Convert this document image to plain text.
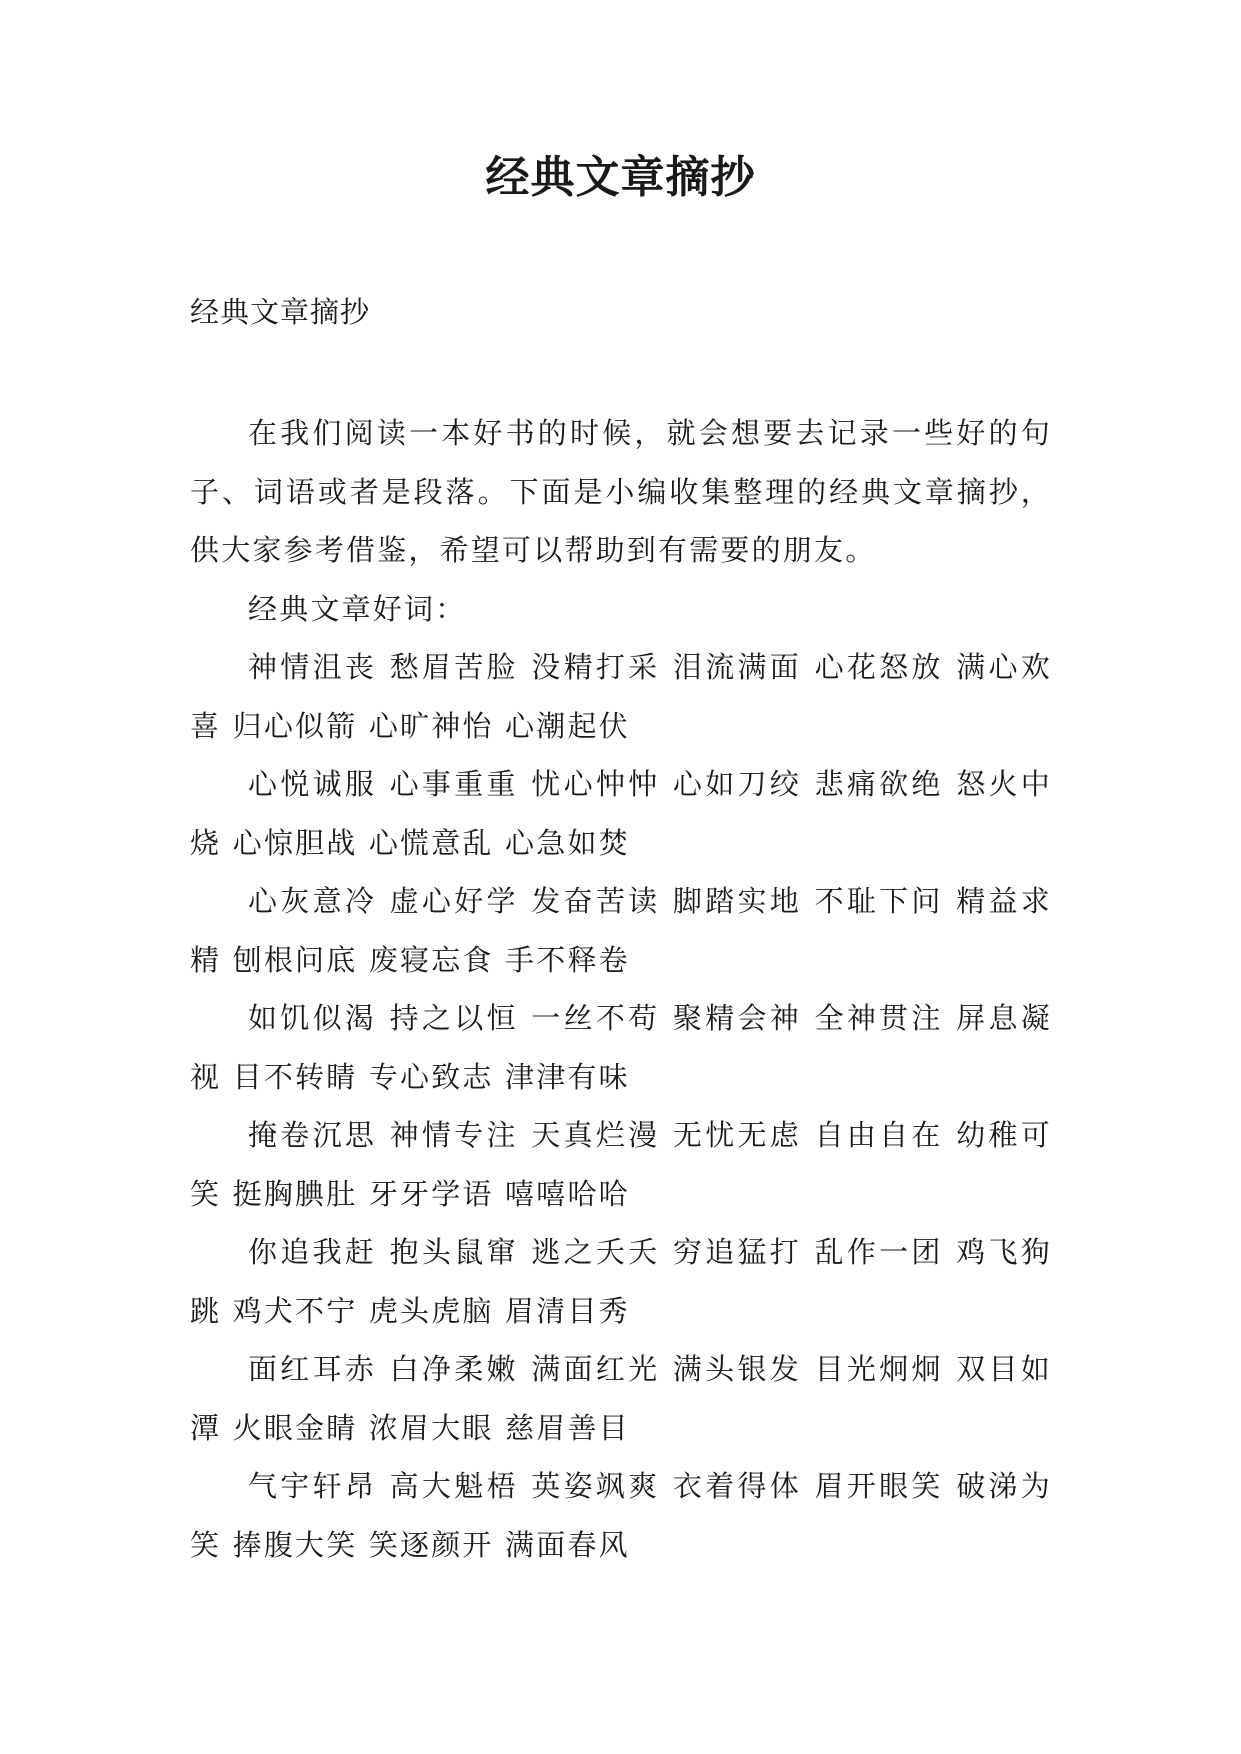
经典文章摘抄

经典文章摘抄

在我们阅读一本好书的时候，就会想要去记录一些好的句子、词语或者是段落。下面是小编收集整理的经典文章摘抄，供大家参考借鉴，希望可以帮助到有需要的朋友。

经典文章好词：

神情沮丧 愁眉苦脸 没精打采 泪流满面 心花怒放 满心欢喜 归心似箭 心旷神怡 心潮起伏

心悦诚服 心事重重 忧心忡忡 心如刀绞 悲痛欲绝 怒火中烧 心惊胆战 心慌意乱 心急如焚

心灰意冷 虚心好学 发奋苦读 脚踏实地 不耻下问 精益求精 刨根问底 废寝忘食 手不释卷

如饥似渴 持之以恒 一丝不苟 聚精会神 全神贯注 屏息凝视 目不转睛 专心致志 津津有味

掩卷沉思 神情专注 天真烂漫 无忧无虑 自由自在 幼稚可笑 挺胸腆肚 牙牙学语 嘻嘻哈哈

你追我赶 抱头鼠窜 逃之夭夭 穷追猛打 乱作一团 鸡飞狗跳 鸡犬不宁 虎头虎脑 眉清目秀

面红耳赤 白净柔嫩 满面红光 满头银发 目光炯炯 双目如潭 火眼金睛 浓眉大眼 慈眉善目

气宇轩昂 高大魁梧 英姿飒爽 衣着得体 眉开眼笑 破涕为笑 捧腹大笑 笑逐颜开 满面春风
